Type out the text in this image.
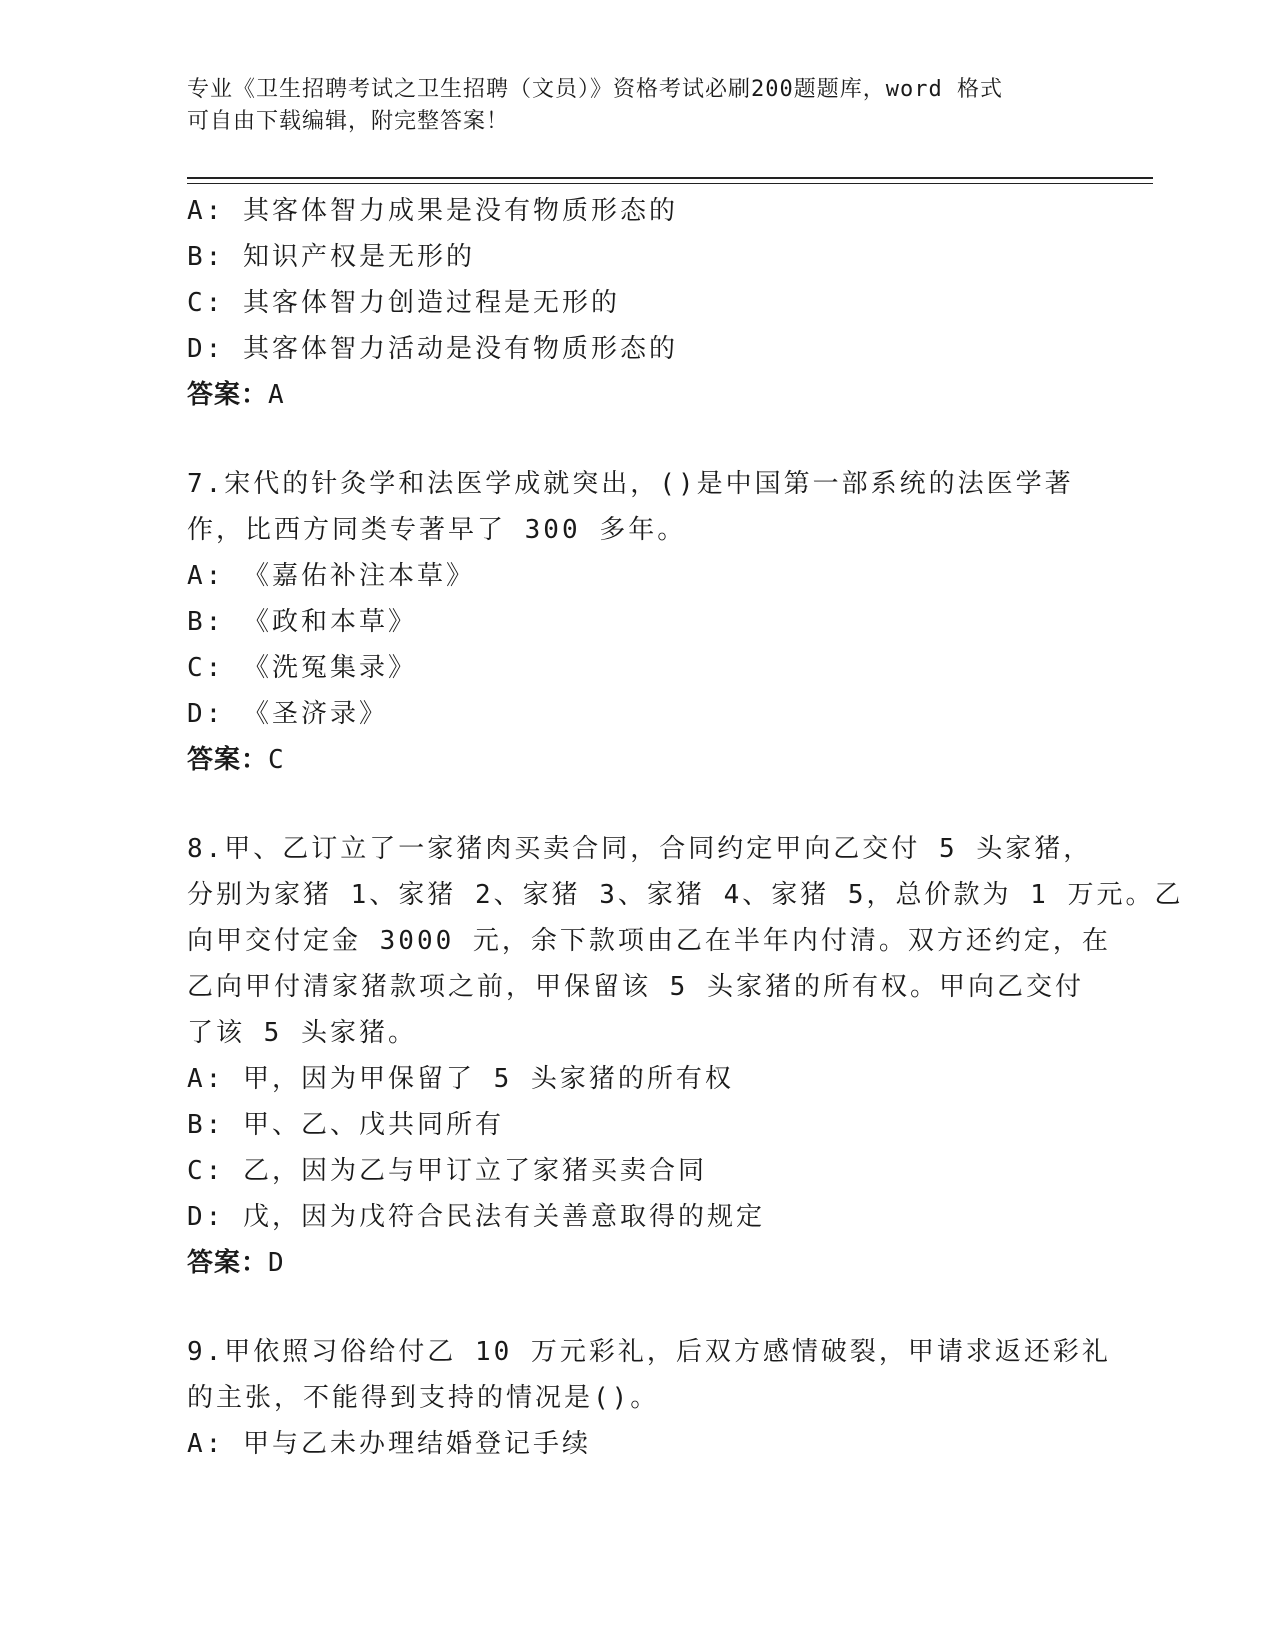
专业《卫生招聘考试之卫生招聘（文员）》资格考试必刷200题题库，word 格式
可自由下载编辑，附完整答案！
A: 其客体智力成果是没有物质形态的
B: 知识产权是无形的
C: 其客体智力创造过程是无形的
D: 其客体智力活动是没有物质形态的
答案：A
7.宋代的针灸学和法医学成就突出，()是中国第一部系统的法医学著
作，比西方同类专著早了 300 多年。
A: 《嘉佑补注本草》
B: 《政和本草》
C: 《洗冤集录》
D: 《圣济录》
答案：C
8.甲、乙订立了一家猪肉买卖合同，合同约定甲向乙交付 5 头家猪，
分别为家猪 1、家猪 2、家猪 3、家猪 4、家猪 5，总价款为 1 万元。乙
向甲交付定金 3000 元，余下款项由乙在半年内付清。双方还约定，在
乙向甲付清家猪款项之前，甲保留该 5 头家猪的所有权。甲向乙交付
了该 5 头家猪。
A: 甲，因为甲保留了 5 头家猪的所有权
B: 甲、乙、戊共同所有
C: 乙，因为乙与甲订立了家猪买卖合同
D: 戊，因为戊符合民法有关善意取得的规定
答案：D
9.甲依照习俗给付乙 10 万元彩礼，后双方感情破裂，甲请求返还彩礼
的主张，不能得到支持的情况是()。
A: 甲与乙未办理结婚登记手续
